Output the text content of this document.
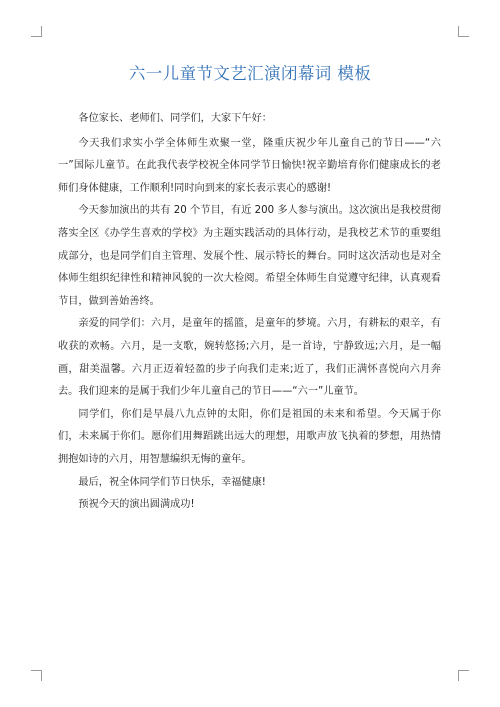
六一儿童节文艺汇演闭幕词 模板

各位家长、老师们、同学们，大家下午好：

今天我们求实小学全体师生欢聚一堂，隆重庆祝少年儿童自己的节日——“六一”国际儿童节。在此我代表学校祝全体同学节日愉快!祝辛勤培育你们健康成长的老师们身体健康，工作顺利!同时向到来的家长表示衷心的感谢!

今天参加演出的共有 20 个节目，有近 200 多人参与演出。这次演出是我校贯彻落实全区《办学生喜欢的学校》为主题实践活动的具体行动，是我校艺术节的重要组成部分，也是同学们自主管理、发展个性、展示特长的舞台。同时这次活动也是对全体师生组织纪律性和精神风貌的一次大检阅。希望全体师生自觉遵守纪律，认真观看节目，做到善始善终。

亲爱的同学们：六月，是童年的摇篮，是童年的梦境。六月，有耕耘的艰辛，有收获的欢畅。六月，是一支歌，婉转悠扬;六月，是一首诗，宁静致远;六月，是一幅画，甜美温馨。六月正迈着轻盈的步子向我们走来;近了，我们正满怀喜悦向六月奔去。我们迎来的是属于我们少年儿童自己的节日——“六一”儿童节。

同学们，你们是早晨八九点钟的太阳，你们是祖国的未来和希望。今天属于你们，未来属于你们。愿你们用舞蹈跳出远大的理想，用歌声放飞执着的梦想，用热情拥抱如诗的六月，用智慧编织无悔的童年。

最后，祝全体同学们节日快乐，幸福健康!

预祝今天的演出圆满成功!
